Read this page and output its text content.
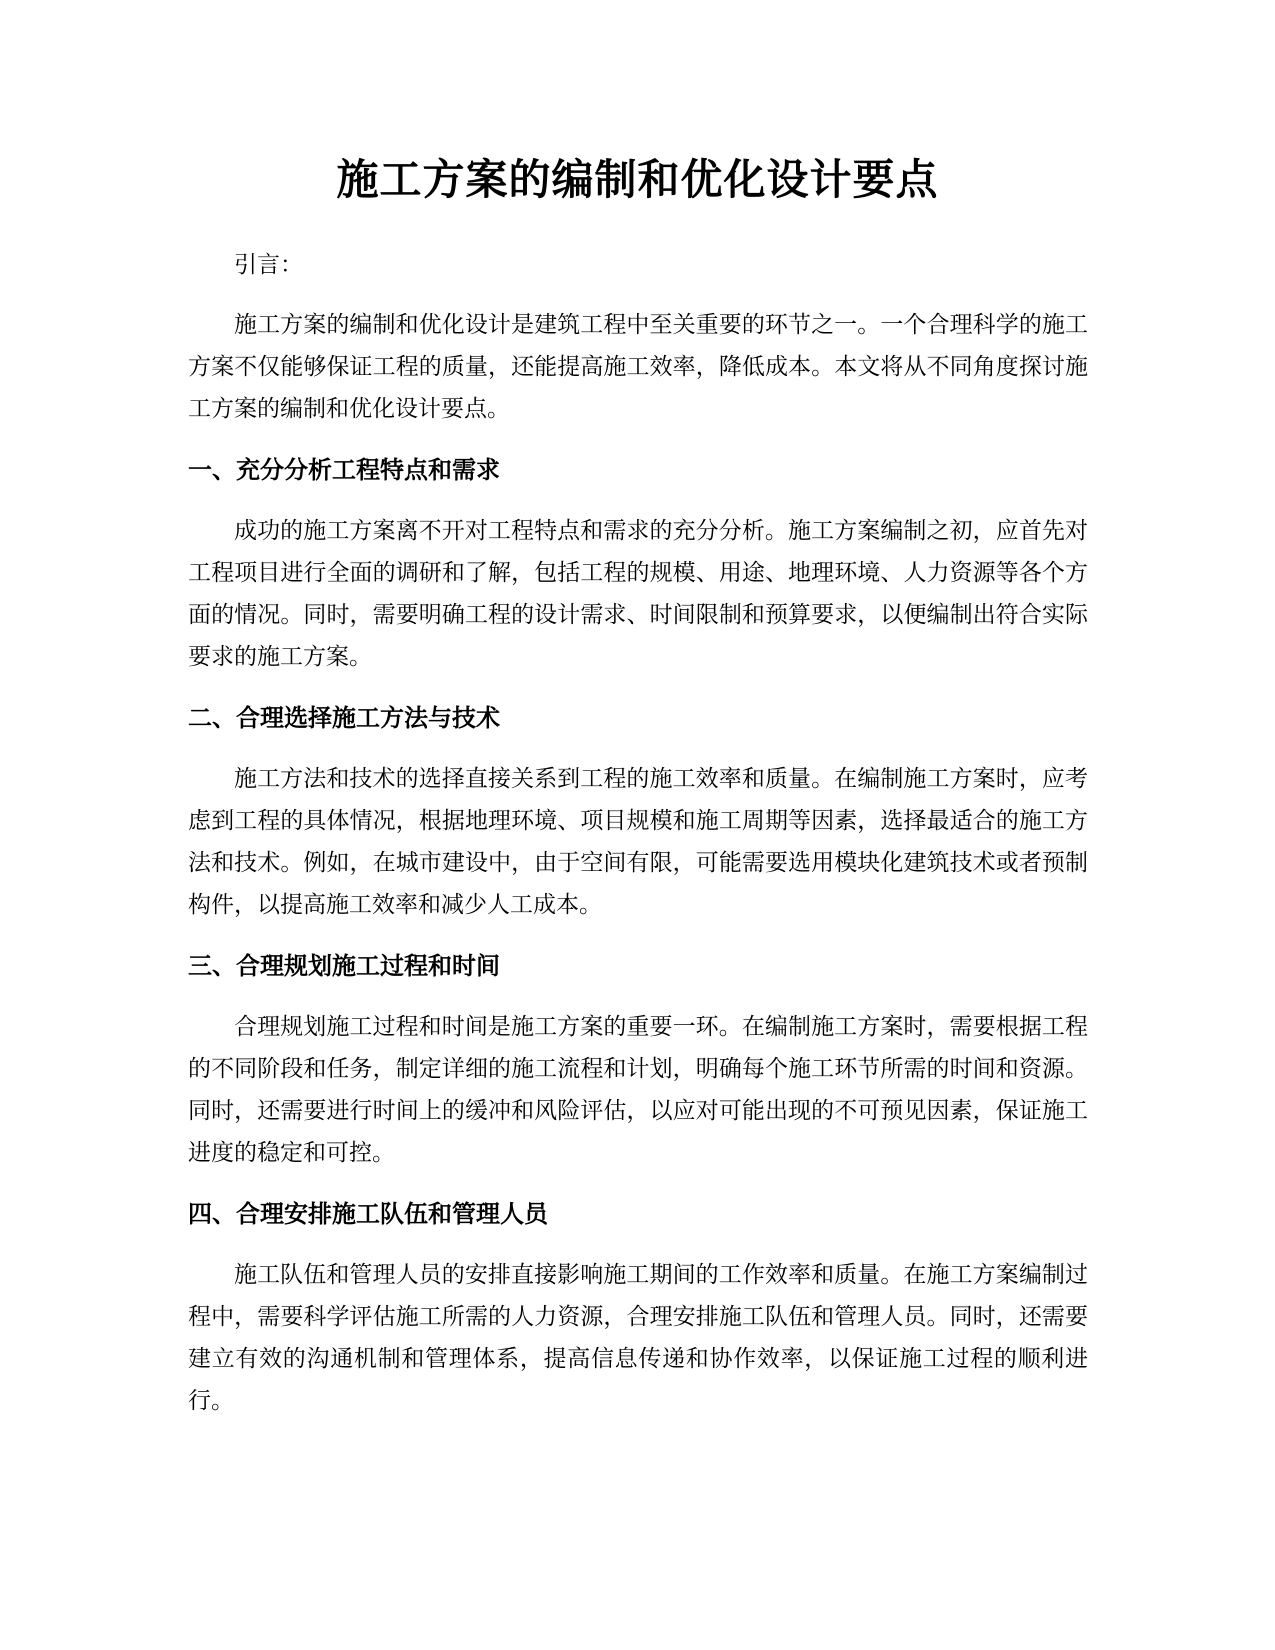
施工方案的编制和优化设计要点

引言：

施工方案的编制和优化设计是建筑工程中至关重要的环节之一。一个合理科学的施工方案不仅能够保证工程的质量，还能提高施工效率，降低成本。本文将从不同角度探讨施工方案的编制和优化设计要点。

一、充分分析工程特点和需求

成功的施工方案离不开对工程特点和需求的充分分析。施工方案编制之初，应首先对工程项目进行全面的调研和了解，包括工程的规模、用途、地理环境、人力资源等各个方面的情况。同时，需要明确工程的设计需求、时间限制和预算要求，以便编制出符合实际要求的施工方案。

二、合理选择施工方法与技术

施工方法和技术的选择直接关系到工程的施工效率和质量。在编制施工方案时，应考虑到工程的具体情况，根据地理环境、项目规模和施工周期等因素，选择最适合的施工方法和技术。例如，在城市建设中，由于空间有限，可能需要选用模块化建筑技术或者预制构件，以提高施工效率和减少人工成本。

三、合理规划施工过程和时间

合理规划施工过程和时间是施工方案的重要一环。在编制施工方案时，需要根据工程的不同阶段和任务，制定详细的施工流程和计划，明确每个施工环节所需的时间和资源。同时，还需要进行时间上的缓冲和风险评估，以应对可能出现的不可预见因素，保证施工进度的稳定和可控。

四、合理安排施工队伍和管理人员

施工队伍和管理人员的安排直接影响施工期间的工作效率和质量。在施工方案编制过程中，需要科学评估施工所需的人力资源，合理安排施工队伍和管理人员。同时，还需要建立有效的沟通机制和管理体系，提高信息传递和协作效率，以保证施工过程的顺利进行。
